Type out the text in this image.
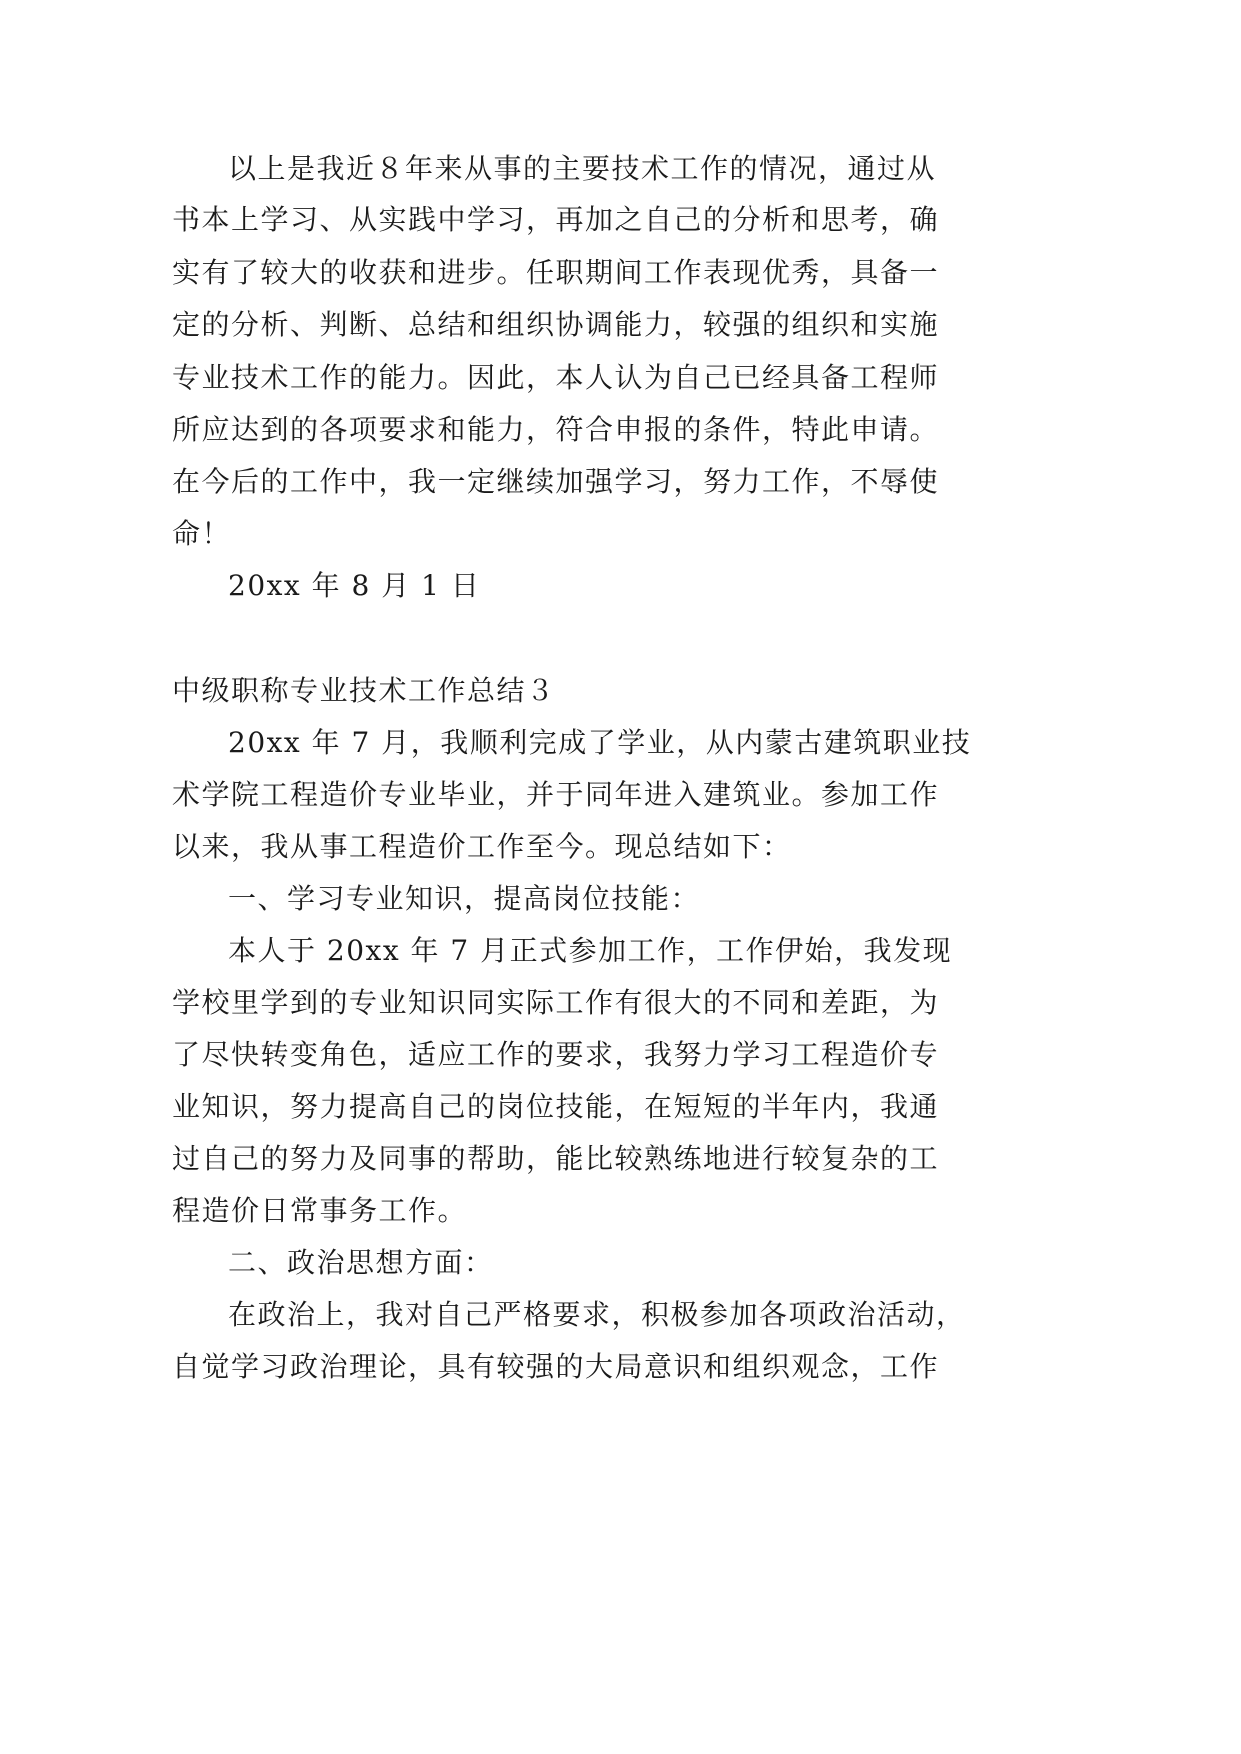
以上是我近８年来从事的主要技术工作的情况，通过从
书本上学习、从实践中学习，再加之自己的分析和思考，确
实有了较大的收获和进步。任职期间工作表现优秀，具备一
定的分析、判断、总结和组织协调能力，较强的组织和实施
专业技术工作的能力。因此，本人认为自己已经具备工程师
所应达到的各项要求和能力，符合申报的条件，特此申请。
在今后的工作中，我一定继续加强学习，努力工作，不辱使
命！
20xx 年 8 月 1 日
中级职称专业技术工作总结３
20xx 年 7 月，我顺利完成了学业，从内蒙古建筑职业技
术学院工程造价专业毕业，并于同年进入建筑业。参加工作
以来，我从事工程造价工作至今。现总结如下：
一、学习专业知识，提高岗位技能：
本人于 20xx 年 7 月正式参加工作，工作伊始，我发现
学校里学到的专业知识同实际工作有很大的不同和差距，为
了尽快转变角色，适应工作的要求，我努力学习工程造价专
业知识，努力提高自己的岗位技能，在短短的半年内，我通
过自己的努力及同事的帮助，能比较熟练地进行较复杂的工
程造价日常事务工作。
二、政治思想方面：
在政治上，我对自己严格要求，积极参加各项政治活动，
自觉学习政治理论，具有较强的大局意识和组织观念，工作
